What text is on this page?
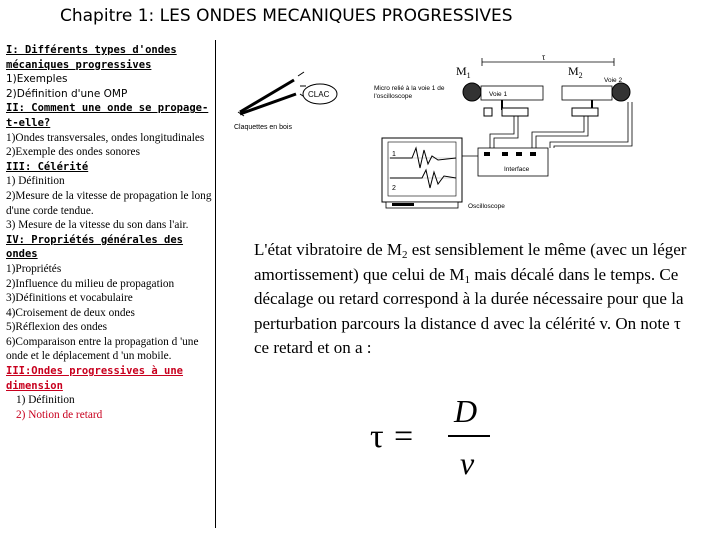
Chapitre 1: LES ONDES MECANIQUES PROGRESSIVES
I: Différents types d'ondes mécaniques progressives
1)Exemples
2)Définition d'une OMP
II: Comment une onde se propage-t-elle?
1)Ondes transversales, ondes longitudinales
2)Exemple des ondes sonores
III: Célérité
1) Définition
2)Mesure de la vitesse de propagation le long d'une corde tendue.
3) Mesure de la vitesse du son dans l'air.
IV: Propriétés générales des ondes
1)Propriétés
2)Influence du milieu de propagation
3)Définitions et vocabulaire
4)Croisement de deux ondes
5)Réflexion des ondes
6)Comparaison entre la propagation d 'une onde et le déplacement d 'un mobile.
III:Ondes progressives à une dimension
1) Définition
2) Notion de retard
CLAC
Claquettes en bois
Micro relié à la voie 1 de
l'oscilloscope
$M_1$
Voie 1
$M_2$
Voie 2
τ
Interface
1
2
Oscilloscope
L'état vibratoire de $M_2$ est sensiblement le même (avec un léger amortissement) que celui de $M_1$ mais décalé dans le temps. Ce décalage ou retard correspond à la durée nécessaire pour que la perturbation parcours la distance d avec la célérité v. On note τ ce retard et on a :
τ =
D
v
